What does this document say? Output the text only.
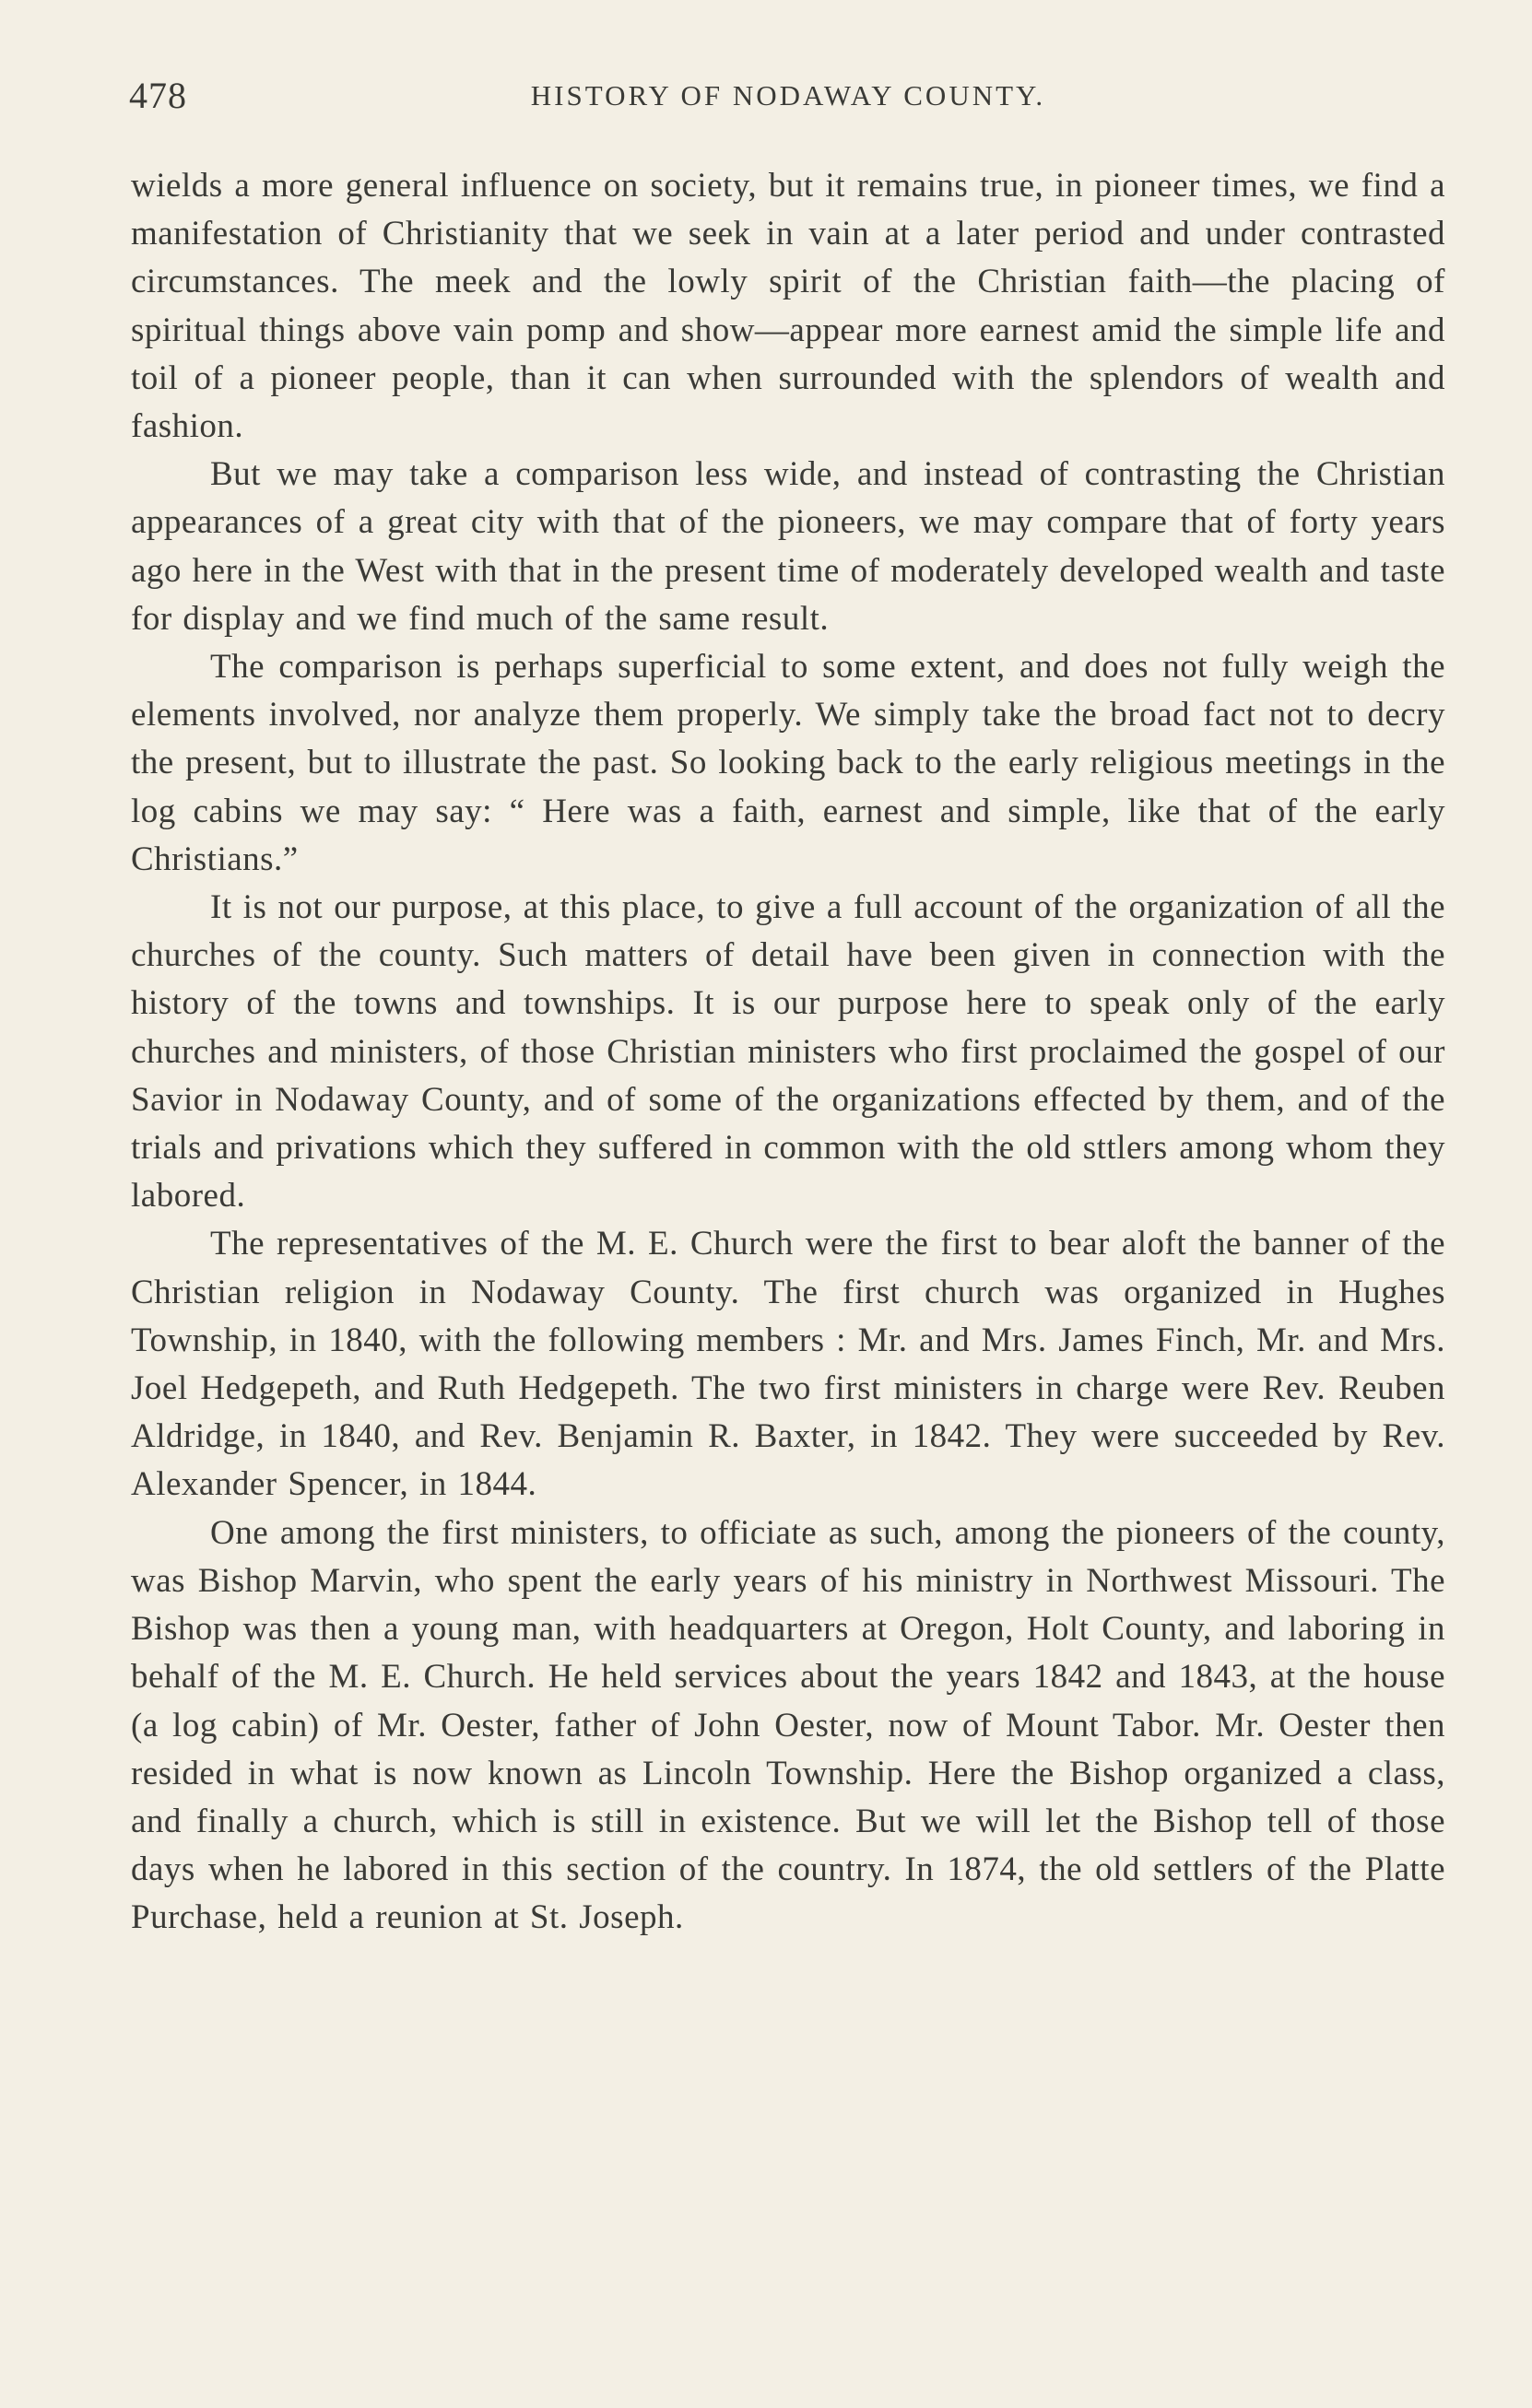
478	HISTORY OF NODAWAY COUNTY.

wields a more general influence on society, but it remains true, in pioneer times, we find a manifestation of Christianity that we seek in vain at a later period and under contrasted circumstances. The meek and the lowly spirit of the Christian faith—the placing of spiritual things above vain pomp and show—appear more earnest amid the simple life and toil of a pioneer people, than it can when surrounded with the splendors of wealth and fashion.

But we may take a comparison less wide, and instead of contrasting the Christian appearances of a great city with that of the pioneers, we may compare that of forty years ago here in the West with that in the present time of moderately developed wealth and taste for display and we find much of the same result.

The comparison is perhaps superficial to some extent, and does not fully weigh the elements involved, nor analyze them properly. We simply take the broad fact not to decry the present, but to illustrate the past. So looking back to the early religious meetings in the log cabins we may say: “ Here was a faith, earnest and simple, like that of the early Christians.”

It is not our purpose, at this place, to give a full account of the organization of all the churches of the county. Such matters of detail have been given in connection with the history of the towns and townships. It is our purpose here to speak only of the early churches and ministers, of those Christian ministers who first proclaimed the gospel of our Savior in Nodaway County, and of some of the organizations effected by them, and of the trials and privations which they suffered in common with the old sttlers among whom they labored.

The representatives of the M. E. Church were the first to bear aloft the banner of the Christian religion in Nodaway County. The first church was organized in Hughes Township, in 1840, with the following members : Mr. and Mrs. James Finch, Mr. and Mrs. Joel Hedgepeth, and Ruth Hedgepeth. The two first ministers in charge were Rev. Reuben Aldridge, in 1840, and Rev. Benjamin R. Baxter, in 1842. They were succeeded by Rev. Alexander Spencer, in 1844.

One among the first ministers, to officiate as such, among the pioneers of the county, was Bishop Marvin, who spent the early years of his ministry in Northwest Missouri. The Bishop was then a young man, with headquarters at Oregon, Holt County, and laboring in behalf of the M. E. Church. He held services about the years 1842 and 1843, at the house (a log cabin) of Mr. Oester, father of John Oester, now of Mount Tabor. Mr. Oester then resided in what is now known as Lincoln Township. Here the Bishop organized a class, and finally a church, which is still in existence. But we will let the Bishop tell of those days when he labored in this section of the country. In 1874, the old settlers of the Platte Purchase, held a reunion at St. Joseph.
